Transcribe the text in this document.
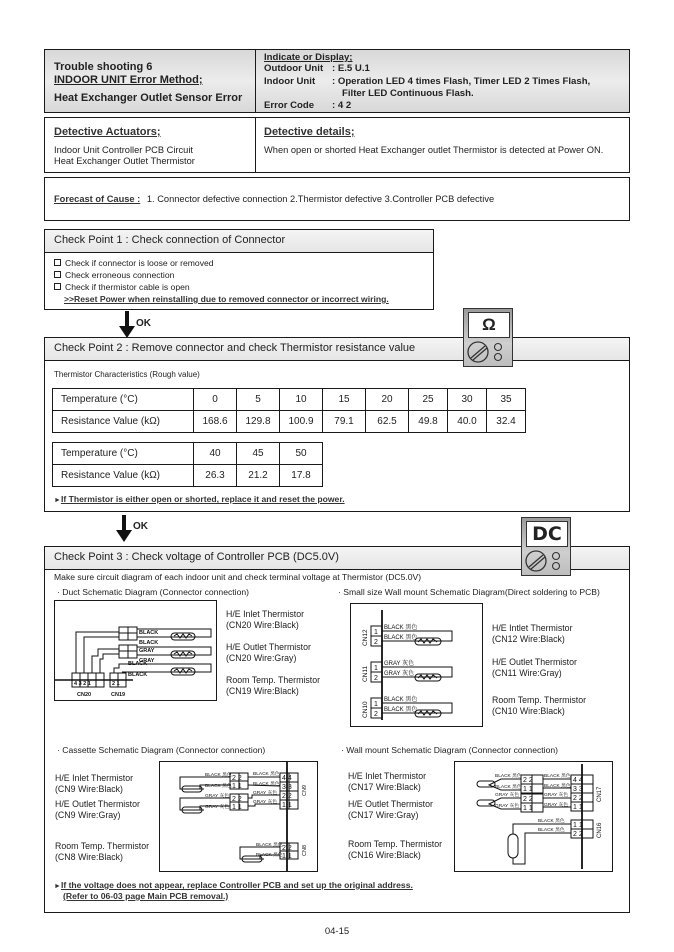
Trouble shooting 6
INDOOR UNIT Error Method;
Heat Exchanger Outlet Sensor Error
Indicate or Display;
Outdoor Unit : E.5 U.1
Indoor Unit : Operation LED 4 times Flash, Timer LED 2 Times Flash,
Filter LED Continuous Flash.
Error Code : 4 2
Detective Actuators;
Indoor Unit Controller PCB Circuit
Heat Exchanger Outlet Thermistor
Detective details;
When open or shorted Heat Exchanger outlet Thermistor is detected at Power ON.
Forecast of Cause : 1. Connector defective connection 2.Thermistor defective 3.Controller PCB defective
Check Point 1 : Check connection of Connector
Check if connector is loose or removed
Check erroneous connection
Check if thermistor cable is open
>>Reset Power when reinstalling due to removed connector or incorrect wiring.
OK
Check Point 2 : Remove connector and check Thermistor resistance value
Thermistor Characteristics (Rough value)
Temperature (°C)	0	5	10	15	20	25	30	35
Resistance Value (kΩ)	168.6	129.8	100.9	79.1	62.5	49.8	40.0	32.4
Temperature (°C)	40	45	50
Resistance Value (kΩ)	26.3	21.2	17.8
►If Thermistor is either open or shorted, replace it and reset the power.
Ω
OK
Check Point 3 : Check voltage of Controller PCB (DC5.0V)
Make sure circuit diagram of each indoor unit and check terminal voltage at Thermistor (DC5.0V)
· Duct Schematic Diagram (Connector connection)
BLACK
BLACK
GRAY
GRAY
BLACK
BLACK
4 3 2 1	2 1
CN20	CN19
H/E Inlet Thermistor
(CN20 Wire:Black)
H/E Outlet Thermistor
(CN20 Wire:Gray)
Room Temp. Thermistor
(CN19 Wire:Black)
· Small size Wall mount Schematic Diagram(Direct soldering to PCB)
1
2
1
2
1
2
BLACK 黑色
BLACK 黑色
GRAY 灰色
GRAY 灰色
BLACK 黑色
BLACK 黑色
CN12
CN11
CN10
H/E Intlet Thermistor
(CN12 Wire:Black)
H/E Outlet Thermistor
(CN11 Wire:Gray)
Room Temp. Thermistor
(CN10 Wire:Black)
· Cassette Schematic Diagram (Connector connection)
H/E Inlet Thermistor
(CN9 Wire:Black)
H/E Outlet Thermistor
(CN9 Wire:Gray)
Room Temp. Thermistor
(CN8 Wire:Black)
BLACK 黑色
BLACK 黑色
GRAY 灰色
GRAY 灰色
BLACK 黑色
BLACK 黑色
GRAY 灰色
GRAY 灰色
BLACK 黑色
BLACK 黑色
2 2
1 1
2 2
1 1
4 4
3 3
2 2
1 1
2 2
1 1
CN9
CN8
· Wall mount Schematic Diagram (Connector connection)
H/E Inlet Thermistor
(CN17 Wire:Black)
H/E Outlet Thermistor
(CN17 Wire:Gray)
Room Temp. Thermistor
(CN16 Wire:Black)
BLACK 黑色
BLACK 黑色
GRAY 灰色
GRAY 灰色
BLACK 黑色
BLACK 黑色
GRAY 灰色
GRAY 灰色
BLACK 黑色
BLACK 黑色
2 2
1 1
2 2
1 1
4 4
3 3
2 2
1 1
1 1
2 2
CN17
CN16
►If the voltage does not appear, replace Controller PCB and set up the original address.
(Refer to 06-03 page Main PCB removal.)
DC
04-15
